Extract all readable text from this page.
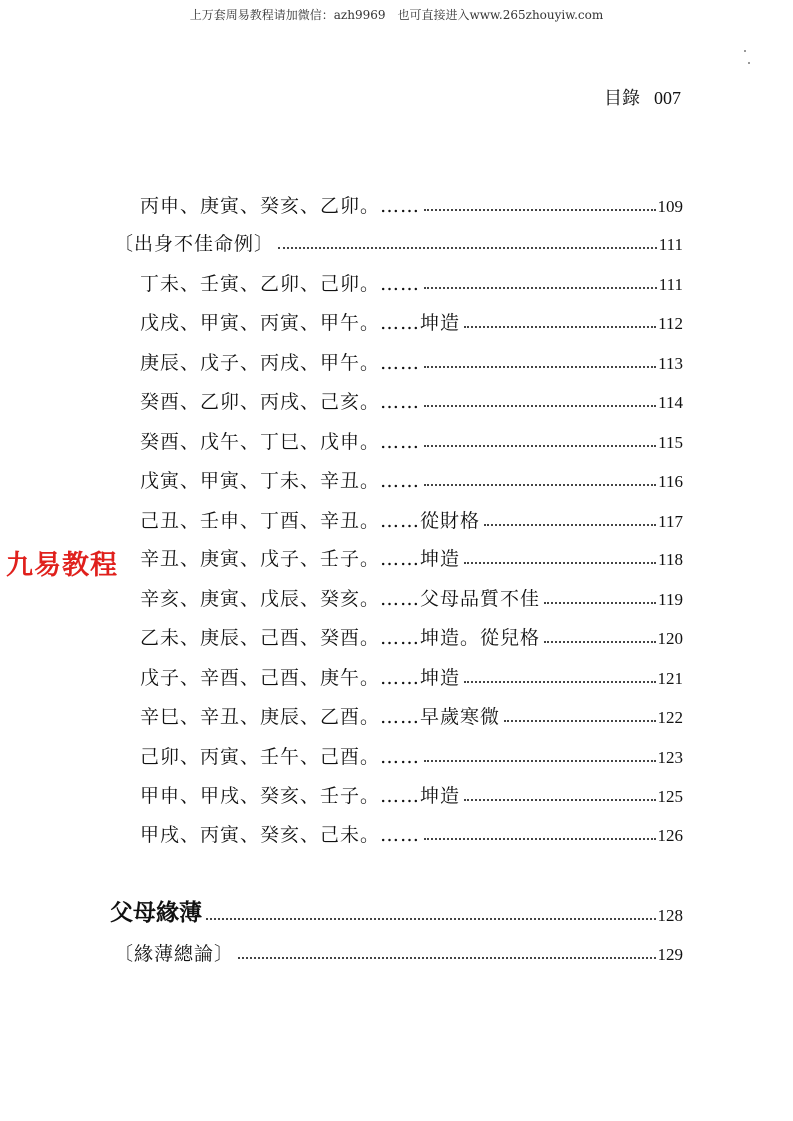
上万套周易教程请加微信：azh9969　也可直接进入www.265zhouyiw.com
目錄 007
丙申、庚寅、癸亥、乙卯。……	109
〔出身不佳命例〕	111
丁未、壬寅、乙卯、己卯。……	111
戊戌、甲寅、丙寅、甲午。……坤造	112
庚辰、戊子、丙戌、甲午。……	113
癸酉、乙卯、丙戌、己亥。……	114
癸酉、戊午、丁巳、戊申。……	115
戊寅、甲寅、丁未、辛丑。……	116
己丑、壬申、丁酉、辛丑。……從財格	117
辛丑、庚寅、戊子、壬子。……坤造	118
辛亥、庚寅、戊辰、癸亥。……父母品質不佳	119
乙未、庚辰、己酉、癸酉。……坤造。從兒格	120
戊子、辛酉、己酉、庚午。……坤造	121
辛巳、辛丑、庚辰、乙酉。……早歲寒微	122
己卯、丙寅、壬午、己酉。……	123
甲申、甲戌、癸亥、壬子。……坤造	125
甲戌、丙寅、癸亥、己未。……	126
父母緣薄	128
〔緣薄總論〕	129
九易教程
